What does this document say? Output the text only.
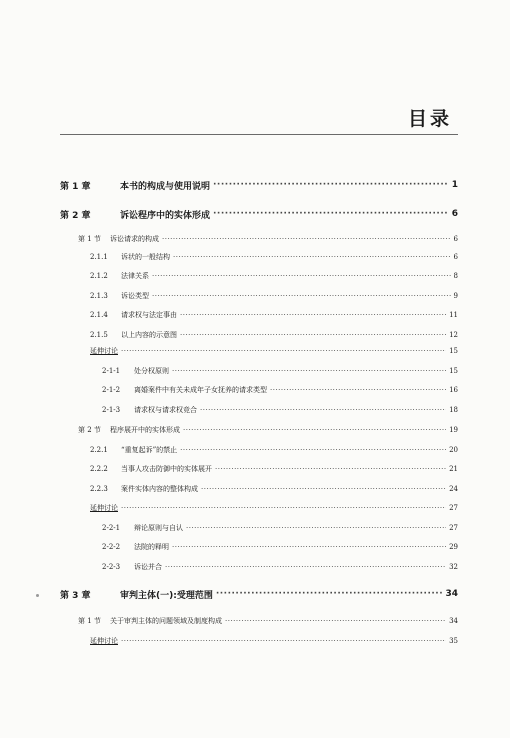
目录
第 1 章	本书的构成与使用说明 ·····	1
第 2 章	诉讼程序中的实体形成 ·····	6
第 1 节	诉讼请求的构成 ·····	6
2.1.1	诉状的一般结构 ·····	6
2.1.2	法律关系 ·····	8
2.1.3	诉讼类型 ·····	9
2.1.4	请求权与法定事由 ·····	11
2.1.5	以上内容的示意图 ·····	12
延伸讨论 ·····	15
2-1-1	处分权原则 ·····	15
2-1-2	离婚案件中有关未成年子女抚养的请求类型 ·····	16
2-1-3	请求权与请求权竞合 ·····	18
第 2 节	程序展开中的实体形成 ·····	19
2.2.1	“重复起诉”的禁止 ·····	20
2.2.2	当事人攻击防御中的实体展开 ·····	21
2.2.3	案件实体内容的整体构成 ·····	24
延伸讨论 ·····	27
2-2-1	辩论原则与自认 ·····	27
2-2-2	法院的释明 ·····	29
2-2-3	诉讼并合 ·····	32
第 3 章	审判主体(一):受理范围 ·····	34
第 1 节	关于审判主体的问题领域及制度构成 ·····	34
延伸讨论 ·····	35
